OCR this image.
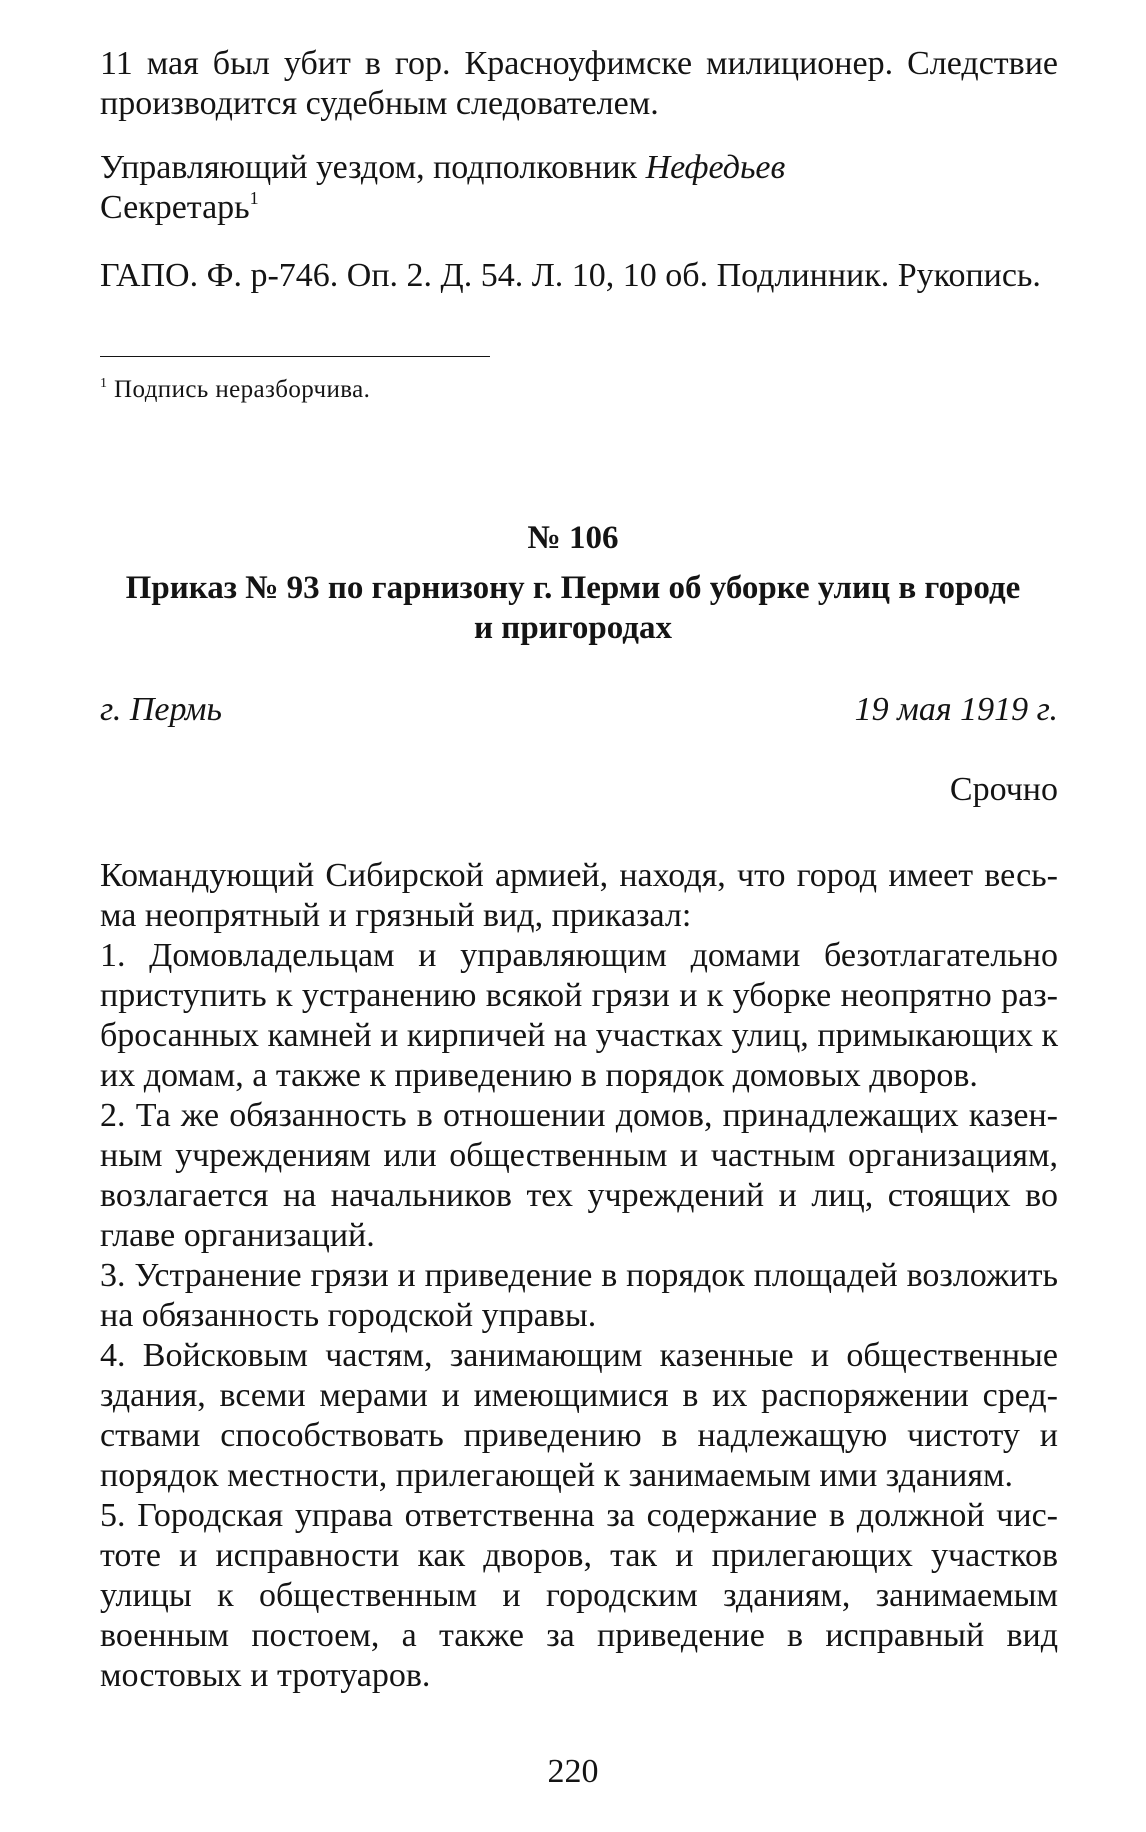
11 мая был убит в гор. Красноуфимске милиционер. Следствие производится судебным следователем.
Управляющий уездом, подполковник Нефедьев
Секретарь$^1$
ГАПО. Ф. р-746. Оп. 2. Д. 54. Л. 10, 10 об. Подлинник. Рукопись.
$^1$ Подпись неразборчива.
№ 106
Приказ № 93 по гарнизону г. Перми об уборке улиц в городе
и пригородах
г. Пермь	19 мая 1919 г.
Срочно

Командующий Сибирской армией, находя, что город имеет весьма неопрятный и грязный вид, приказал:

1. Домовладельцам и управляющим домами безотлагательно приступить к устранению всякой грязи и к уборке неопрятно разбросанных камней и кирпичей на участках улиц, примыкающих к их домам, а также к приведению в порядок домовых дворов.

2. Та же обязанность в отношении домов, принадлежащих казенным учреждениям или общественным и частным организациям, возлагается на начальников тех учреждений и лиц, стоящих во главе организаций.

3. Устранение грязи и приведение в порядок площадей возложить на обязанность городской управы.

4. Войсковым частям, занимающим казенные и общественные здания, всеми мерами и имеющимися в их распоряжении средствами способствовать приведению в надлежащую чистоту и порядок местности, прилегающей к занимаемым ими зданиям.

5. Городская управа ответственна за содержание в должной чистоте и исправности как дворов, так и прилегающих участков улицы к общественным и городским зданиям, занимаемым военным постоем, а также за приведение в исправный вид мостовых и тротуаров.

220
